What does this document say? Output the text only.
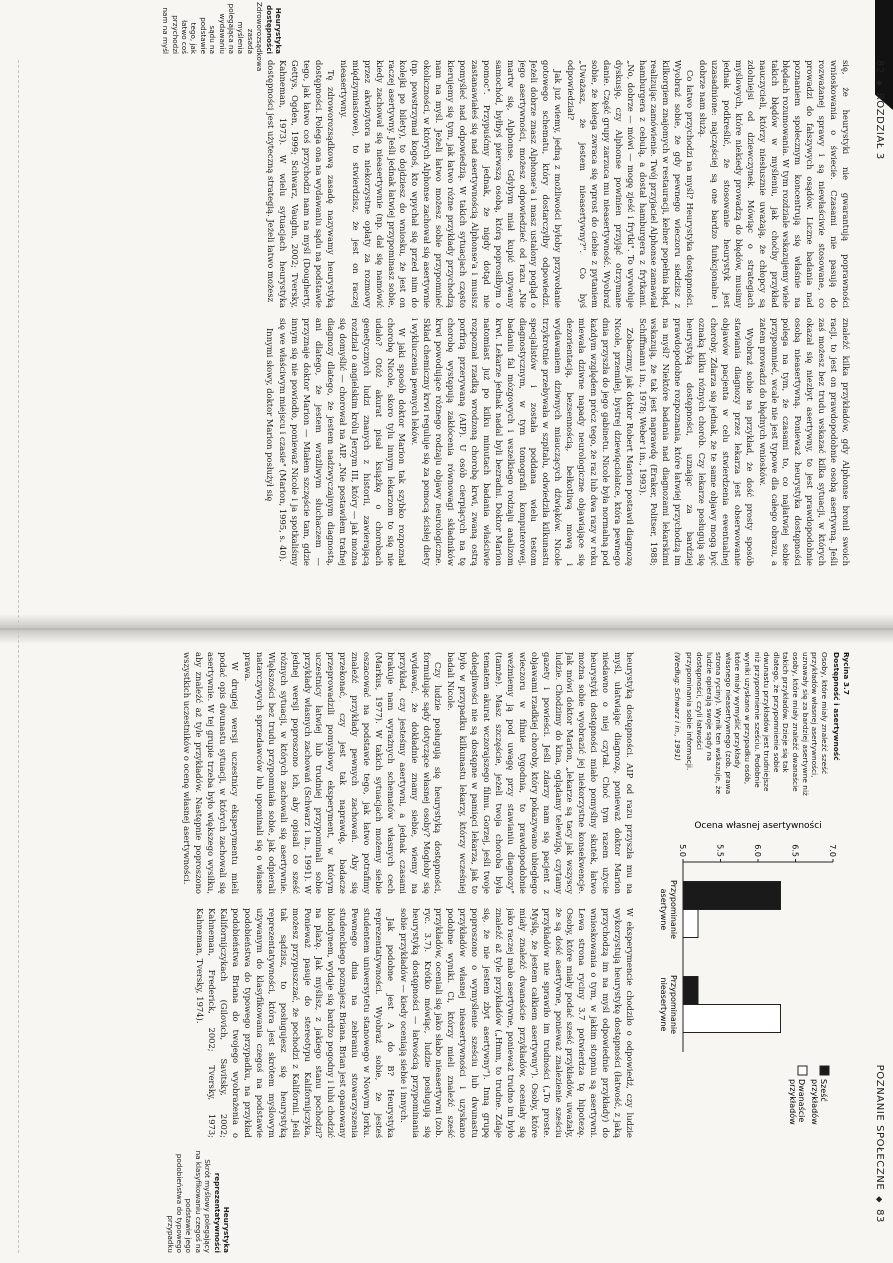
82◆ROZDZIAŁ 3

się, że heurystyki nie gwarantują poprawności wnioskowania o świecie. Czasami nie pasują do rozważanej sprawy i są niewłaściwie stosowane, co prowadzi do fałszywych osądów. Liczne badania nad poznaniem społecznym koncentrują się właśnie na błędach rozumowania. W tym rozdziale wskazujemy wiele takich błędów w myśleniu, jak choćby przykład nauczycieli, którzy niesłusznie uważają, że chłopcy są zdolniejsi od dziewczynek. Mówiąc o strategiach myślowych, które niekiedy prowadzą do błędów, musimy jednak podkreślić, że stosowanie heurystyk jest uzasadnione: najczęściej są one bardzo funkcjonalne i dobrze nam służą.

Co łatwo przychodzi na myśl? Heurystyka dostępności. Wyobraź sobie, że gdy pewnego wieczoru siedzisz z kilkorgiem znajomych w restauracji, kelner popełnia błąd, realizując zamówienie. Twój przyjaciel Alphonse zamawiał hamburgera z cebulą, a dostał hamburgera z frytkami. „No, dobrze — mówi — mogę zjeść i frytki". To wywołuje dyskusję, czy Alphonse powinien przyjąć otrzymane danie. Część grupy zarzuca mu nieasertywność. Wyobraź sobie, że kolega zwraca się wprost do ciebie z pytaniem „Uważasz, że jestem nieasertywny?". Co byś odpowiedział?

Jak już wiemy, jedną z możliwości byłoby przywołanie gotowego schematu, który dostarczyłby odpowiedzi. Jeżeli dobrze znasz Alphonse'a i masz ustalony pogląd o jego asertywności, możesz odpowiedzieć od razu „Nie martw się, Alphonse. Gdybym miał kupić używany samochód, byłbyś pierwszą osobą, którą poprosiłbym o pomoc". Przypuśćmy jednak, że nigdy dotąd nie zastanawiałeś się nad asertywnością Alphonse'a i musisz pomyśleć nad odpowiedzią. W takich sytuacjach często kierujemy się tym, jak łatwo różne przykłady przychodzą nam na myśl. Jeżeli łatwo możesz sobie przypomnieć okoliczności, w których Alphonse zachował się asertywnie (np. powstrzymał kogoś, kto wpychał się przed nim do kolejki po bilety), to dojdziesz do wniosku, że jest on raczej asertywny. Jeśli jednak łatwiej przypominasz sobie, kiedy zachował się nieasertywnie (np. dał się namówić przez akwizytora na niekorzystne opłaty za rozmowy międzymiastowe), to stwierdzisz, że jest on raczej nieasertywny.

Tę zdroworozsądkową zasadę nazywamy heurystyką dostępności. Polega ona na wydawaniu sądu na podstawie tego, jak łatwo coś przychodzi nam na myśl (Dougherty, Gettys, Ogden, 1999; Schwarz, Vaughn, 2002; Tversky, Kahneman, 1973). W wielu sytuacjach heurystyka dostępności jest użyteczną strategią. Jeżeli łatwo możesz

znaleźć kilka przykładów, gdy Alphonse bronił swoich racji, to jest on prawdopodobnie osobą asertywną. Jeśli zaś możesz bez trudu wskazać kilka sytuacji, w których okazał się niezbyt asertywny, to jest prawdopodobnie osobą nieasertywną. Ponieważ heurystyka dostępności polega na tym, że czasami to, co najłatwiej sobie przypomnieć, wcale nie jest typowe dla całego obrazu, a zatem prowadzi do błędnych wniosków.

Wyobraź sobie na przykład, że dość prosty sposób stawiania diagnozy przez lekarza jest obserwowanie objawów pacjenta w celu stwierdzenia ewentualnej choroby. Zdarza się jednak, że te same objawy mogą być oznaką kilku różnych chorób. Czy lekarze posługują się heurystyką dostępności, uznając za bardziej prawdopodobne rozpoznania, które łatwiej przychodzą im na myśl? Niektóre badania nad diagnozami lekarskimi wskazują, że tak jest naprawdę (Eraker, Politser, 1988; Schiffmann i in., 1978; Weber i in., 1993).

Zobaczmy, jak doktor Robert Marion postawił diagnozę Nicole, przemiłej, bystrej dziewięciolatce, która pewnego dnia przyszła do jego gabinetu. Nicole była normalną pod każdym względem prócz tego, że raz lub dwa razy w roku miewała dziwne napady neurologiczne objawiające się dezorientacją, bezsennością, bełkotliwą mową i wydawaniem dziwnych miauczących dźwięków. Nicole trzykrotnie przebywała w szpitalu, odwiedziła kilkunastu specjalistów i została poddana wielu testom diagnostycznym, w tym tomografii komputerowej, badaniu fal mózgowych i wszelkiego rodzaju analizom krwi. Lekarze jednak nadal byli bezradni. Doktor Marion natomiast już po kilku minutach badania właściwie rozpoznał rzadką wrodzoną chorobę krwi, zwaną ostrą porfirią przerywaną (AIP). U osób cierpiących na tę chorobę występują zakłócenia równowagi składników krwi powodujące różnego rodzaju objawy neurologiczne. Skład chemiczny krwi reguluje się za pomocą ścisłej diety i wykluczenia pewnych leków.

W jaki sposób doktor Marion tak szybko rozpoznał chorobę Nicole, skoro tylu innym lekarzom to się nie udało? Otóż akurat pisał książkę o chorobach genetycznych ludzi znanych z historii, zawierającą rozdział o angielskim królu Jerzym III, który — jak można się domyślić — chorował na AIP. „Nie postawiłem trafnej diagnozy dlatego, że jestem nadzwyczajnym diagnostą, ani dlatego, że jestem wrażliwym słuchaczem — przyznaje doktor Marion — Miałem szczęście tam, gdzie innym się nie powiodło, ponieważ Nicole i ja spotkaliśmy się we właściwym miejscu i czasie" (Marion, 1995, s. 40).

Innymi słowy, doktor Marion posłużył się

Heurystyka dostępności
Zdroworozsądkowa zasada myślenia polegająca na wydawaniu sądu na podstawie tego, jak łatwo coś przychodzi nam na myśl
POZNANIE SPOŁECZNE◆83
Rycina 3.7
Dostępność i asertywność
Osoby, które miały znaleźć sześć przykładów własnej asertywności, uznawały się za bardziej asertywne niż osoby, które miały znaleźć dwanaście takich przykładów. Dzieje się tak dlatego, że przypomnienie sobie dwunastu przykładów jest trudniejsze niż przypomnienie sześciu. Podobnie wyniki uzyskano w przypadku osób, które miały wymyślić przykłady własnego nieasertywnego (zob. prawa strona ryciny). Wynik ten wskazuje, że ludzie opierają swoje sądy na dostępności, czyli łatwości przypominania sobie informacji.
(Według: Schwarz i in., 1991)
Ocena własnej asertywności
5.0	5.5	6.0	6.5	7.0
Przypominanie
asertywne
Przypominanie
nieasertywne
Sześć
przykładów
Dwanaście
przykładów

heurystyką dostępności. AIP od razu przyszła mu na myśl, ułatwiając diagnozę, ponieważ doktor Marion niedawno o niej czytał. Choć tym razem użycie heurystyki dostępności miało pomyślny skutek, łatwo można sobie wyobrazić jej niekorzystne konsekwencje. Jak mówi doktor Marion, „lekarze są tacy jak wszyscy ludzie. Chodzimy do kina, oglądamy telewizję, czytamy gazety i powieści. Jeśli zdarzy nam się pacjent z objawami rzadkiej choroby, który pokazywano ubiegłego wieczoru w filmie tygodnia, to prawdopodobnie weźmiemy ją pod uwagę przy stawianiu diagnozy" (tamże). Masz szczęście, jeżeli twoja choroba była tematem akurat wczorajszego filmu. Gorzej, jeśli twoje dolegliwości nie są dostępne w pamięci lekarza, jak to było w przypadku kilkunastu lekarzy, którzy wcześniej badali Nicole.

Czy ludzie posługują się heurystyką dostępności, formułując sądy dotyczące własnej osoby? Mogłoby się wydawać, że dokładnie znamy siebie, wiemy na przykład, czy jesteśmy asertywni, a jednak czasami brakuje nam wyrażnych schematów własnych cech (Markus, 1977). W takich sytuacjach możemy siebie oszacować na podstawie tego, jak łatwo potrafimy znaleźć przykłady pewnych zachowań. Aby się przekonać, czy jest tak naprawdę, badacze przeprowadzili pomysłowy eksperyment, w którym uczestnicy łatwiej lub trudniej przypominali sobie przykłady własnych zachowań (Schwarz i in., 1991). W jednej wersji poproszono ich, aby opisali co sześć różnych sytuacji, w których zachowali się asertywnie. Większości bez trudu przypomniała sobie, jak odpierali natarczywych sprzedawców lub upominali się o własne prawa.

W drugiej wersji uczestnicy eksperymentu mieli podać opis dwunastu sytuacji, w których zachowali się asertywnie. W tej grupie trzeba było większego wysiłku, aby znaleźć aż tyle przykładów. Następnie poproszono wszystkich uczestników o ocenę własnej asertywności.

W eksperymencie chodziło o odpowiedź, czy ludzie wykorzystują heurystykę dostępności (łatwość, z jaką przychodzą im na myśl odpowiednie przykłady) do wnioskowania o tym, w jakim stopniu są asertywni. Lewa strona ryciny 3.7 potwierdza tę hipotezę. Osoby, które miały podać sześć przykładów, uważały, że są dość asertywne, ponieważ znalezienie sześciu przykładów nie sprawiło im trudności („To proste. Myślę, że jestem całkiem asertywny"). Osoby, które miały znaleźć dwanaście przykładów, oceniały się jako raczej mało asertywne, ponieważ trudno im było znaleźć aż tyle przykładów („Hmm, to trudne. Zdaje się, że nie jestem zbyt asertywny"). Inną grupę poproszono o wymyślenie sześciu lub dwunastu przykładów własnej nieasertywności i uzyskano podobne wyniki. Ci, którzy mieli znaleźć sześć przykładów, oceniali się jako słabo nieasertywni (zob. ryc. 3.7). Krótko mówiąc, ludzie posługują się heurystyką dostępności — łatwością przypominania sobie przykładów — kiedy oceniają siebie i innych.

Jak podobne jest A do B? Heurystyka reprezentatywności. Wyobraź sobie, że jesteś studentem uniwersytetu stanowego w Nowym Jorku. Pewnego dnia na zebraniu stowarzyszenia studenckiego poznajesz Briana. Brian jest opanowany blondynem, wydaje się bardzo pogodny i lubi chodzić na plażę. Jak myślisz, z jakiego stanu pochodzi? Ponieważ pasuje do stereotypu Kalifornijczyka, możesz przypuszczać, że pochodzi z Kalifornii. Jeśli tak sądzisz, to posługujesz się heurystyką reprezentatywności, która jest skrótem myślowym używanym do klasyfikowania czegoś na podstawie podobieństwa do typowego przypadku, na przykład podobieństwa Briana do twojego wyobrażenia o Kalifornijczykach (Gilovich, Savitsky, 2002; Kahneman, Frederick, 2002; Tversky, 1973; Kahneman, Tversky, 1974).

Heurystyka reprezentatywności
Skrót myślowy polegający na klasyfikowaniu czegoś na podstawie jego podobieństwa do typowego przypadku
